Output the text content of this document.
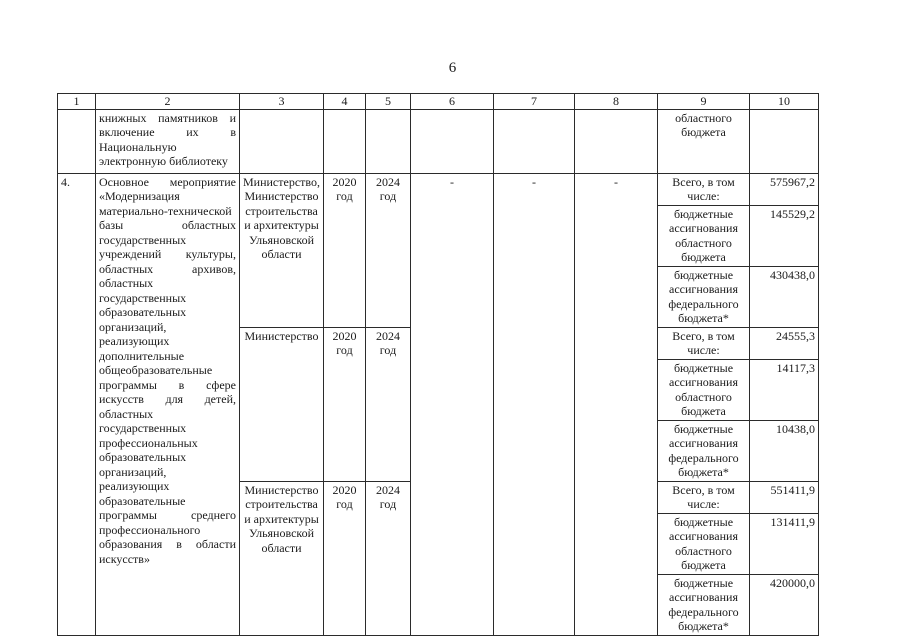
6
1	2	3	4	5	6	7	8	9	10
	книжных памятников и включение их в Национальную электронную библиотеку							областного бюджета	
4.	Основное мероприятие «Модернизация материально-технической базы областных государственных учреждений культуры, областных архивов, областных государственных образовательных организаций, реализующих дополнительные общеобразовательные программы в сфере искусств для детей, областных государственных профессиональных образовательных организаций, реализующих образовательные программы среднего профессионального образования в области искусств»	Министерство, Министерство строительства и архитектуры Ульяновской области	2020 год	2024 год	-	-	-	Всего, в том числе:	575967,2
								бюджетные ассигнования областного бюджета	145529,2
								бюджетные ассигнования федерального бюджета*	430438,0
		Министерство	2020 год	2024 год				Всего, в том числе:	24555,3
								бюджетные ассигнования областного бюджета	14117,3
								бюджетные ассигнования федерального бюджета*	10438,0
		Министерство строительства и архитектуры Ульяновской области	2020 год	2024 год				Всего, в том числе:	551411,9
								бюджетные ассигнования областного бюджета	131411,9
								бюджетные ассигнования федерального бюджета*	420000,0
